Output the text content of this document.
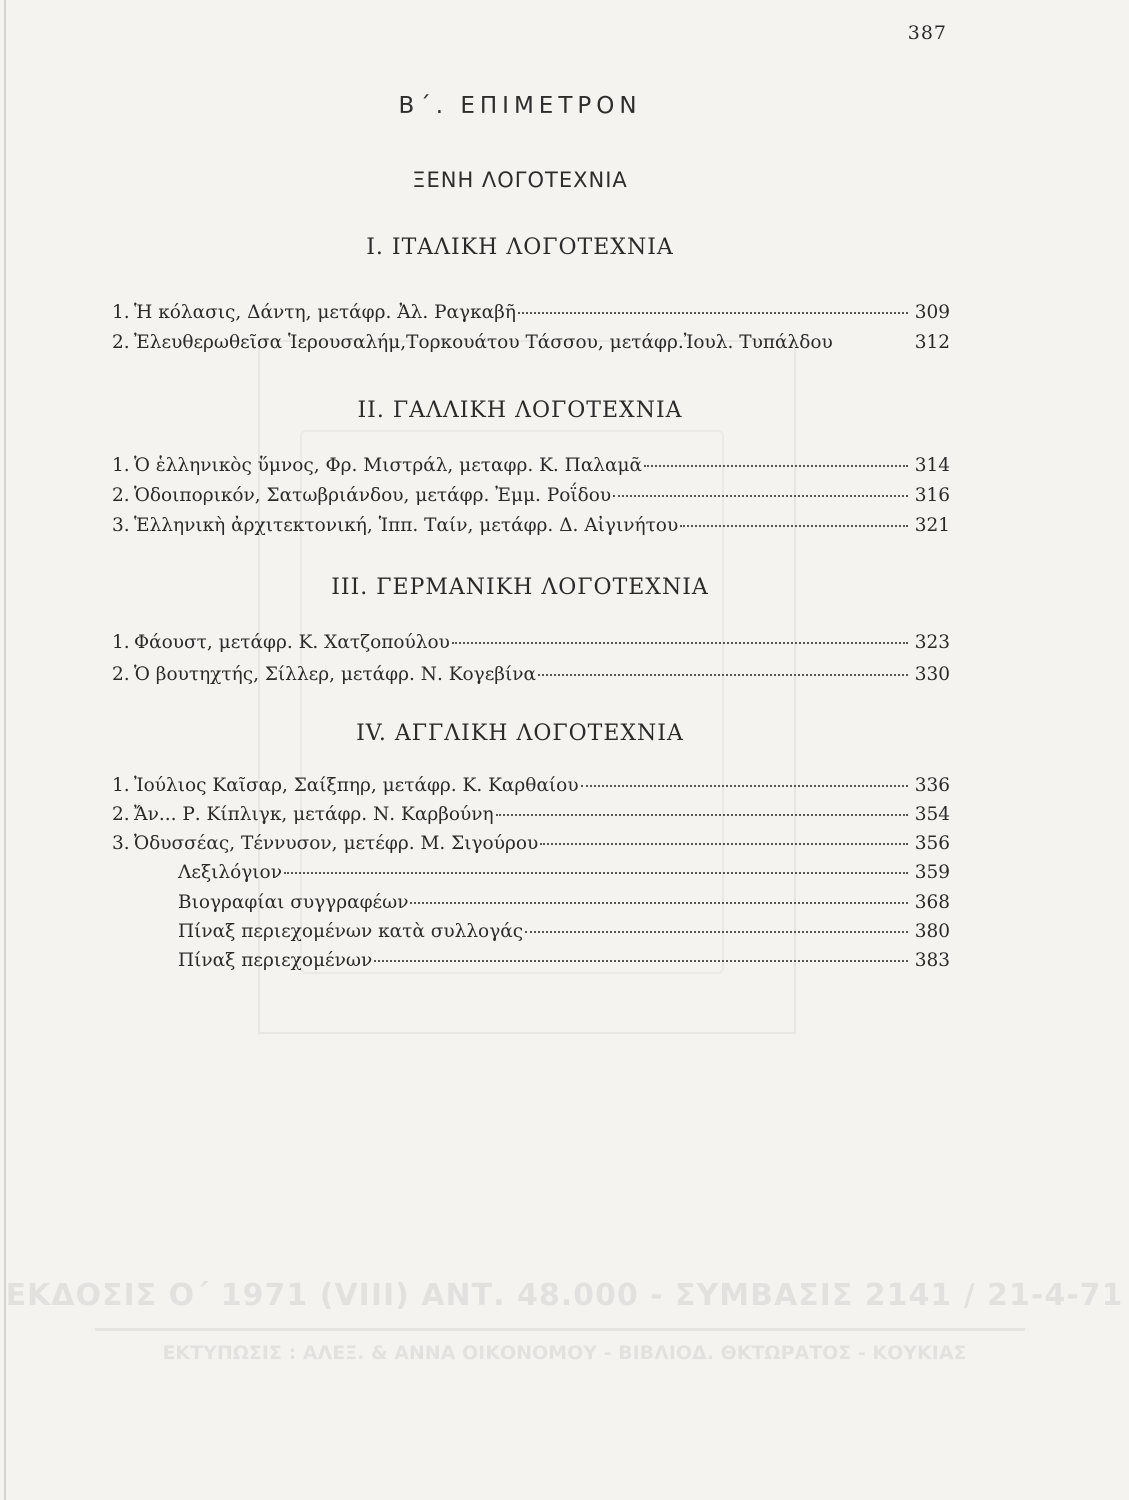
387
Β΄. ΕΠΙΜΕΤΡΟΝ
ΞΕΝΗ ΛΟΓΟΤΕΧΝΙΑ
Ι. ΙΤΑΛΙΚΗ ΛΟΓΟΤΕΧΝΙΑ
1. Ἡ κόλασις, Δάντη, μετάφρ. Ἀλ. Ραγκαβῆ	309
2. Ἐλευθερωθεῖσα Ἱερουσαλήμ,Τορκουάτου Τάσσου, μετάφρ.Ἰουλ. Τυπάλδου	312
ΙΙ. ΓΑΛΛΙΚΗ ΛΟΓΟΤΕΧΝΙΑ
1. Ὁ ἑλληνικὸς ὕμνος, Φρ. Μιστράλ, μεταφρ. Κ. Παλαμᾶ	314
2. Ὁδοιπορικόν, Σατωβριάνδου, μετάφρ. Ἐμμ. Ροΐδου	316
3. Ἑλληνικὴ ἀρχιτεκτονική, Ἱππ. Ταίν, μετάφρ. Δ. Αἰγινήτου	321
ΙΙΙ. ΓΕΡΜΑΝΙΚΗ ΛΟΓΟΤΕΧΝΙΑ
1. Φάουστ, μετάφρ. Κ. Χατζοπούλου	323
2. Ὁ βουτηχτής, Σίλλερ, μετάφρ. Ν. Κογεβίνα	330
ΙV. ΑΓΓΛΙΚΗ ΛΟΓΟΤΕΧΝΙΑ
1. Ἰούλιος Καῖσαρ, Σαίξπηρ, μετάφρ. Κ. Καρθαίου	336
2. Ἄν... Ρ. Κίπλιγκ, μετάφρ. Ν. Καρβούνη	354
3. Ὀδυσσέας, Τέννυσον, μετέφρ. Μ. Σιγούρου	356
Λεξιλόγιον	359
Βιογραφίαι συγγραφέων	368
Πίναξ περιεχομένων κατὰ συλλογάς	380
Πίναξ περιεχομένων	383
ΕΚΔΟΣΙΣ Ο΄ 1971 (VIII) ΑΝΤ. 48.000 - ΣΥΜΒΑΣΙΣ 2141 / 21-4-71
ΕΚΤΥΠΩΣΙΣ : ΑΛΕΞ. & ΑΝΝΑ ΟΙΚΟΝΟΜΟΥ - ΒΙΒΛΙΟΔ. ΘΚΤΩΡΑΤΟΣ - ΚΟΥΚΙΑΣ
